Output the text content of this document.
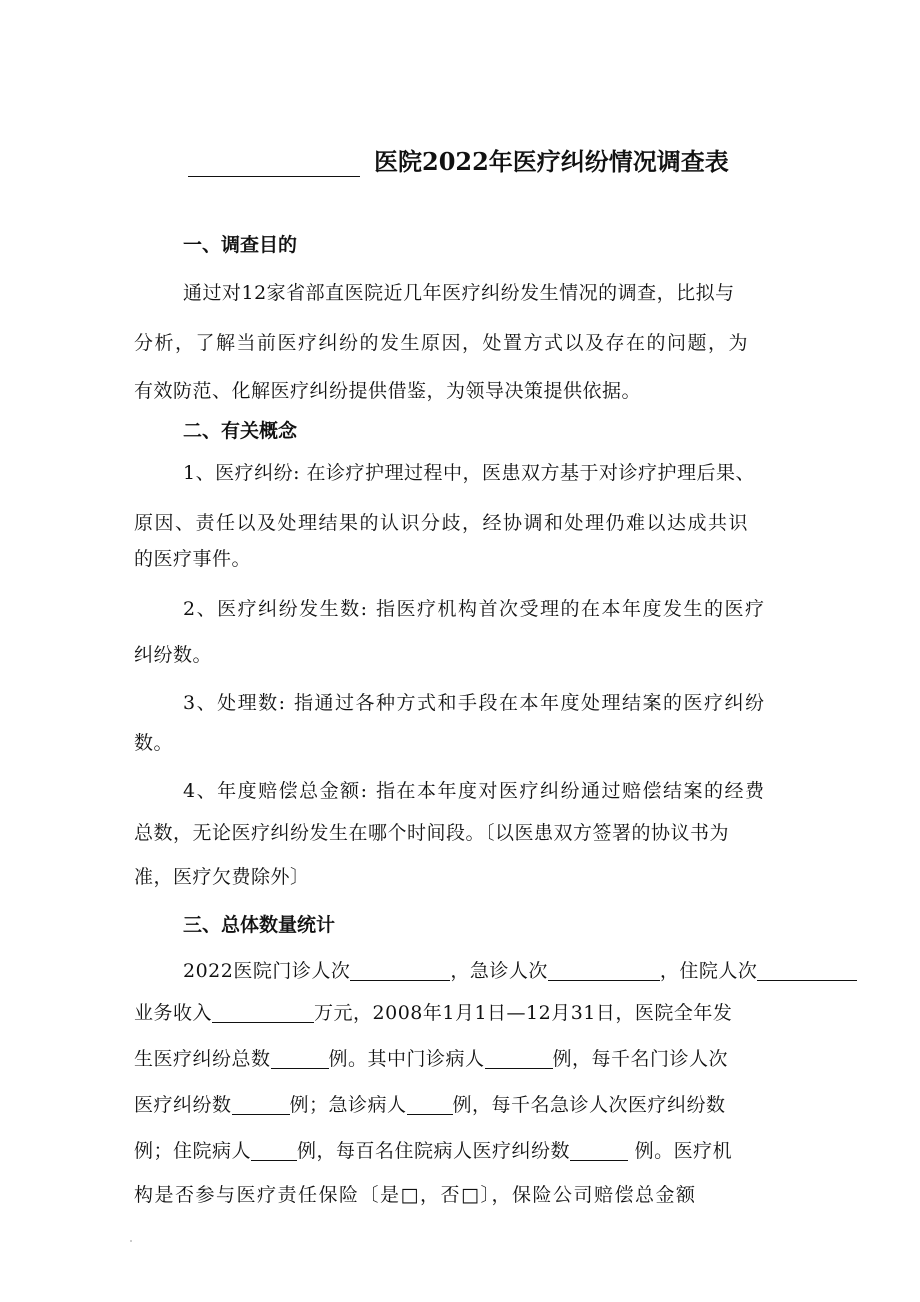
医院2022年医疗纠纷情况调查表
一、调查目的
通过对12家省部直医院近几年医疗纠纷发生情况的调查，比拟与
分析，了解当前医疗纠纷的发生原因，处置方式以及存在的问题，为
有效防范、化解医疗纠纷提供借鉴，为领导决策提供依据。
二、有关概念
1、医疗纠纷: 在诊疗护理过程中，医患双方基于对诊疗护理后果、
原因、责任以及处理结果的认识分歧，经协调和处理仍难以达成共识
的医疗事件。
2、医疗纠纷发生数: 指医疗机构首次受理的在本年度发生的医疗
纠纷数。
3、处理数: 指通过各种方式和手段在本年度处理结案的医疗纠纷
数。
4、年度赔偿总金额: 指在本年度对医疗纠纷通过赔偿结案的经费
总数，无论医疗纠纷发生在哪个时间段。〔以医患双方签署的协议书为
准，医疗欠费除外〕
三、总体数量统计
2022医院门诊人次	，急诊人次	，住院人次
业务收入	万元，2008年1月1日—12月31日，医院全年发
生医疗纠纷总数	例。其中门诊病人	例，每千名门诊人次
医疗纠纷数	例；急诊病人 例，每千名急诊人次医疗纠纷数
例；住院病人 例，每百名住院病人医疗纠纷数	例。医疗机
构是否参与医疗责任保险〔是□，否□〕，保险公司赔偿总金额
